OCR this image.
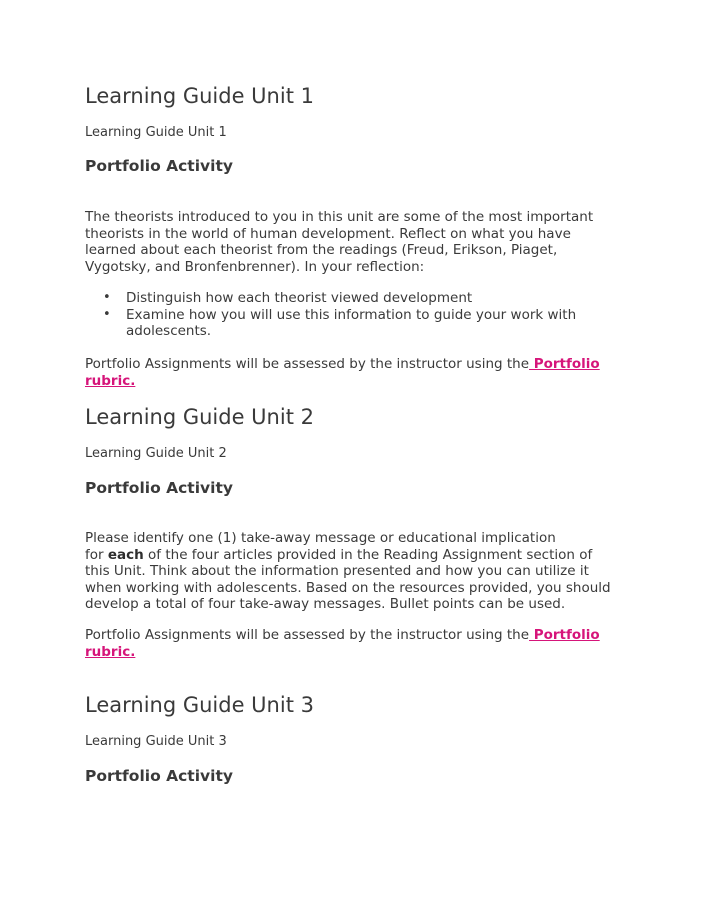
Learning Guide Unit 1
Learning Guide Unit 1
Portfolio Activity

The theorists introduced to you in this unit are some of the most important
theorists in the world of human development. Reflect on what you have
learned about each theorist from the readings (Freud, Erikson, Piaget,
Vygotsky, and Bronfenbrenner). In your reflection:

• Distinguish how each theorist viewed development
• Examine how you will use this information to guide your work with
adolescents.

Portfolio Assignments will be assessed by the instructor using the Portfolio
rubric.

Learning Guide Unit 2
Learning Guide Unit 2
Portfolio Activity

Please identify one (1) take-away message or educational implication
for each of the four articles provided in the Reading Assignment section of
this Unit. Think about the information presented and how you can utilize it
when working with adolescents. Based on the resources provided, you should
develop a total of four take-away messages. Bullet points can be used.

Portfolio Assignments will be assessed by the instructor using the Portfolio
rubric.

Learning Guide Unit 3
Learning Guide Unit 3
Portfolio Activity
